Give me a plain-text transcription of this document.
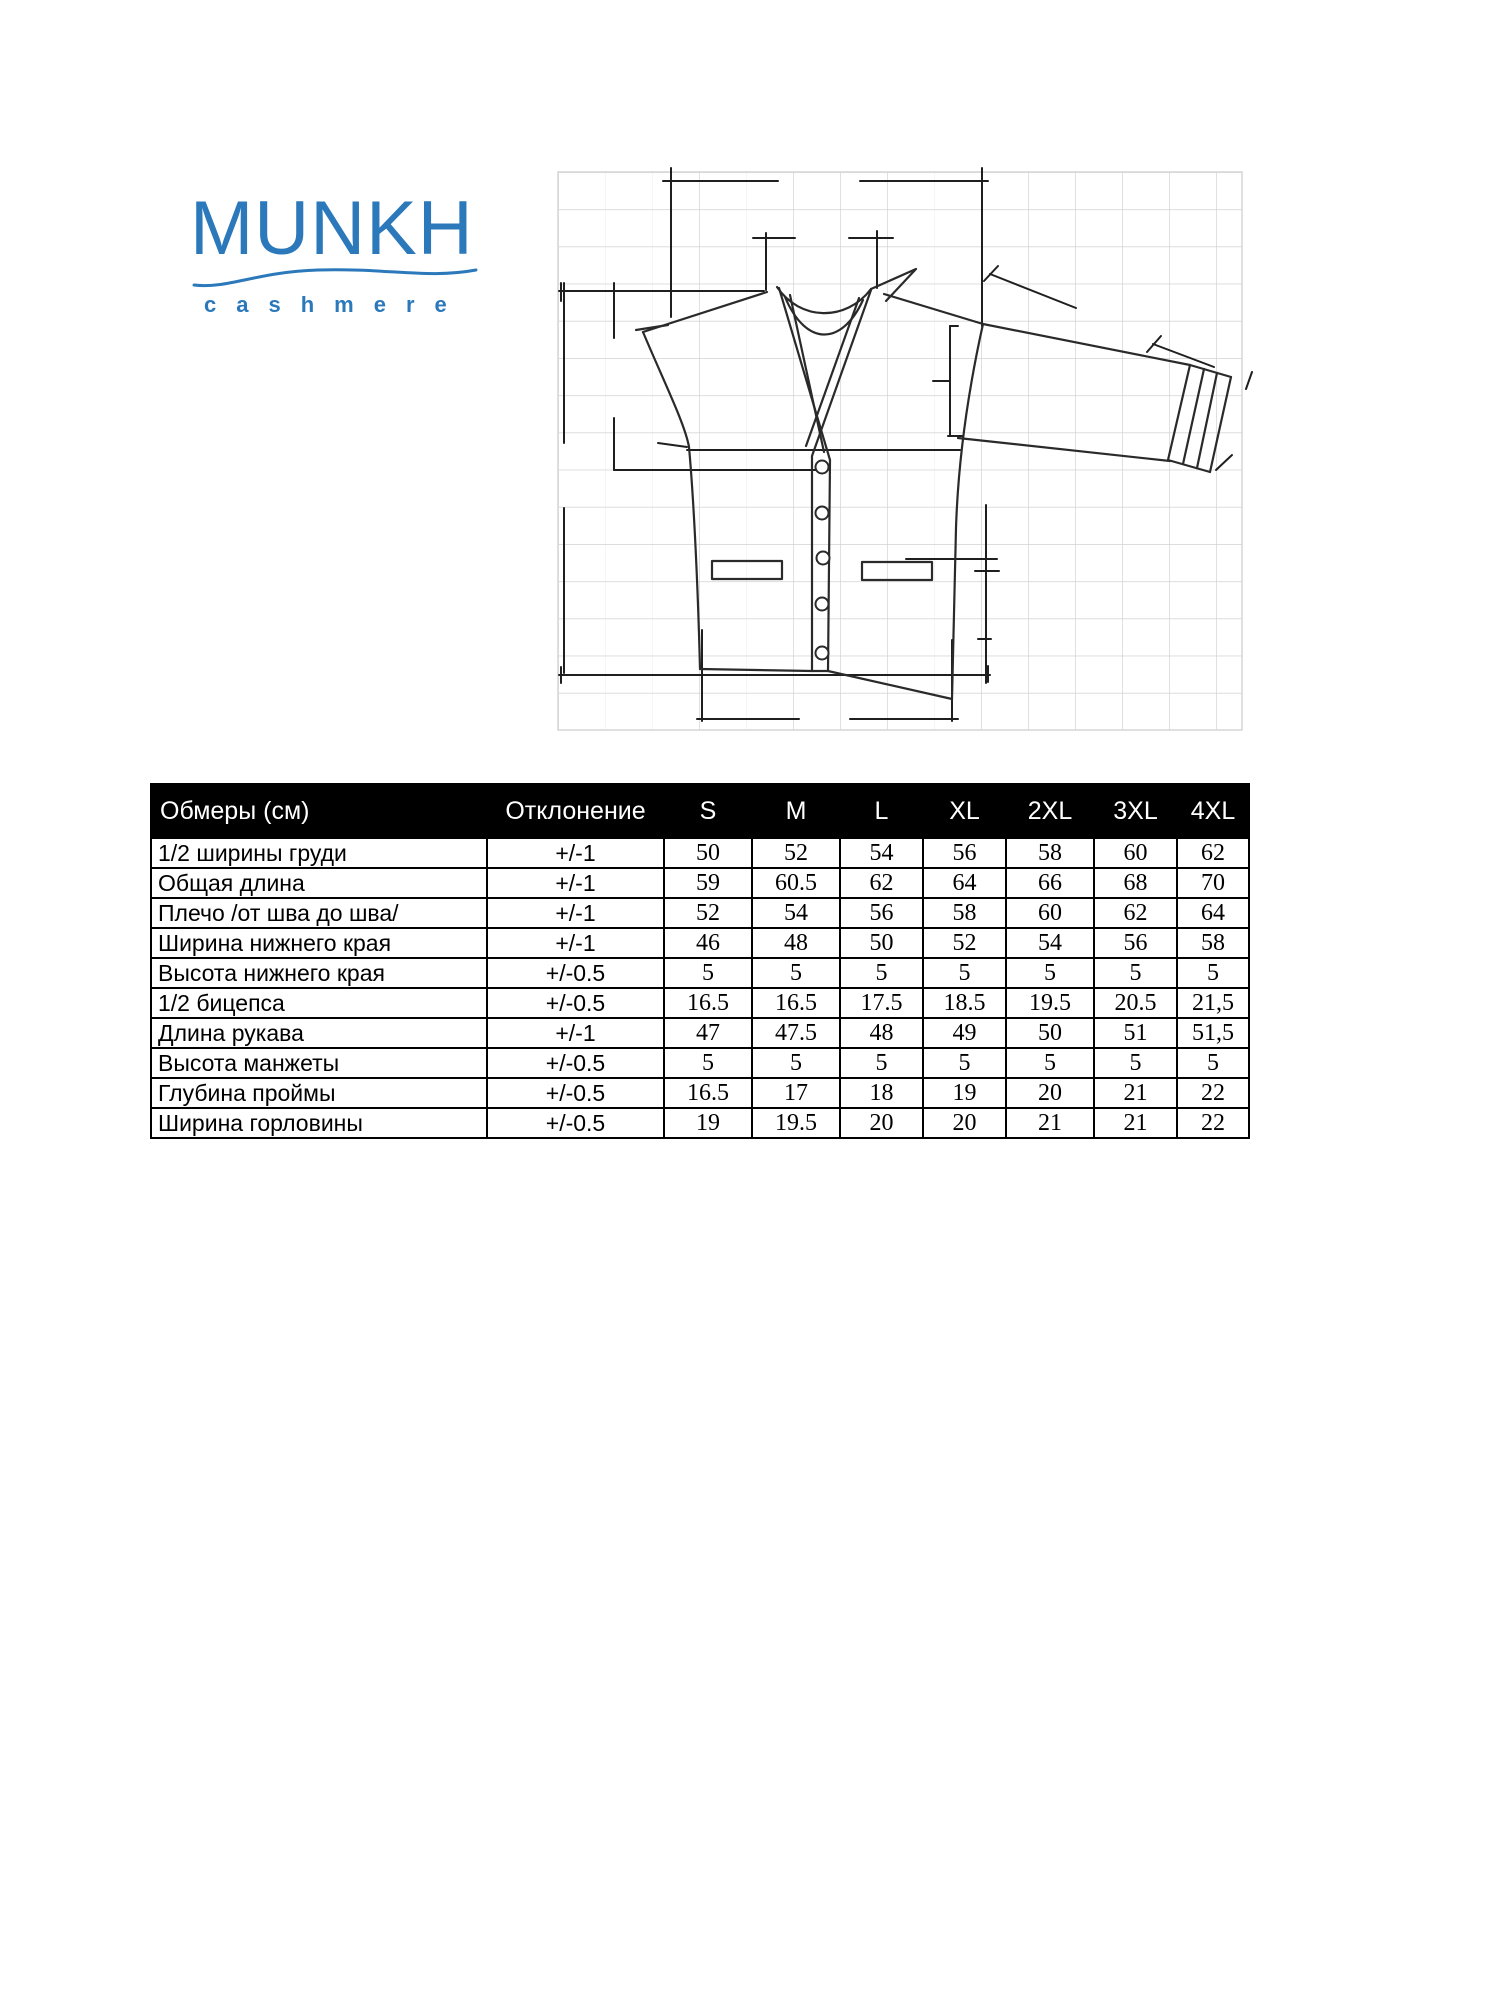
MUNKH
cashmere
Обмеры (см)	Отклонение	S	M	L	XL	2XL	3XL	4XL
1/2 ширины груди	+/-1	50	52	54	56	58	60	62
Общая длина	+/-1	59	60.5	62	64	66	68	70
Плечо /от шва до шва/	+/-1	52	54	56	58	60	62	64
Ширина нижнего края	+/-1	46	48	50	52	54	56	58
Высота нижнего края	+/-0.5	5	5	5	5	5	5	5
1/2 бицепса	+/-0.5	16.5	16.5	17.5	18.5	19.5	20.5	21,5
Длина рукава	+/-1	47	47.5	48	49	50	51	51,5
Высота манжеты	+/-0.5	5	5	5	5	5	5	5
Глубина проймы	+/-0.5	16.5	17	18	19	20	21	22
Ширина горловины	+/-0.5	19	19.5	20	20	21	21	22
